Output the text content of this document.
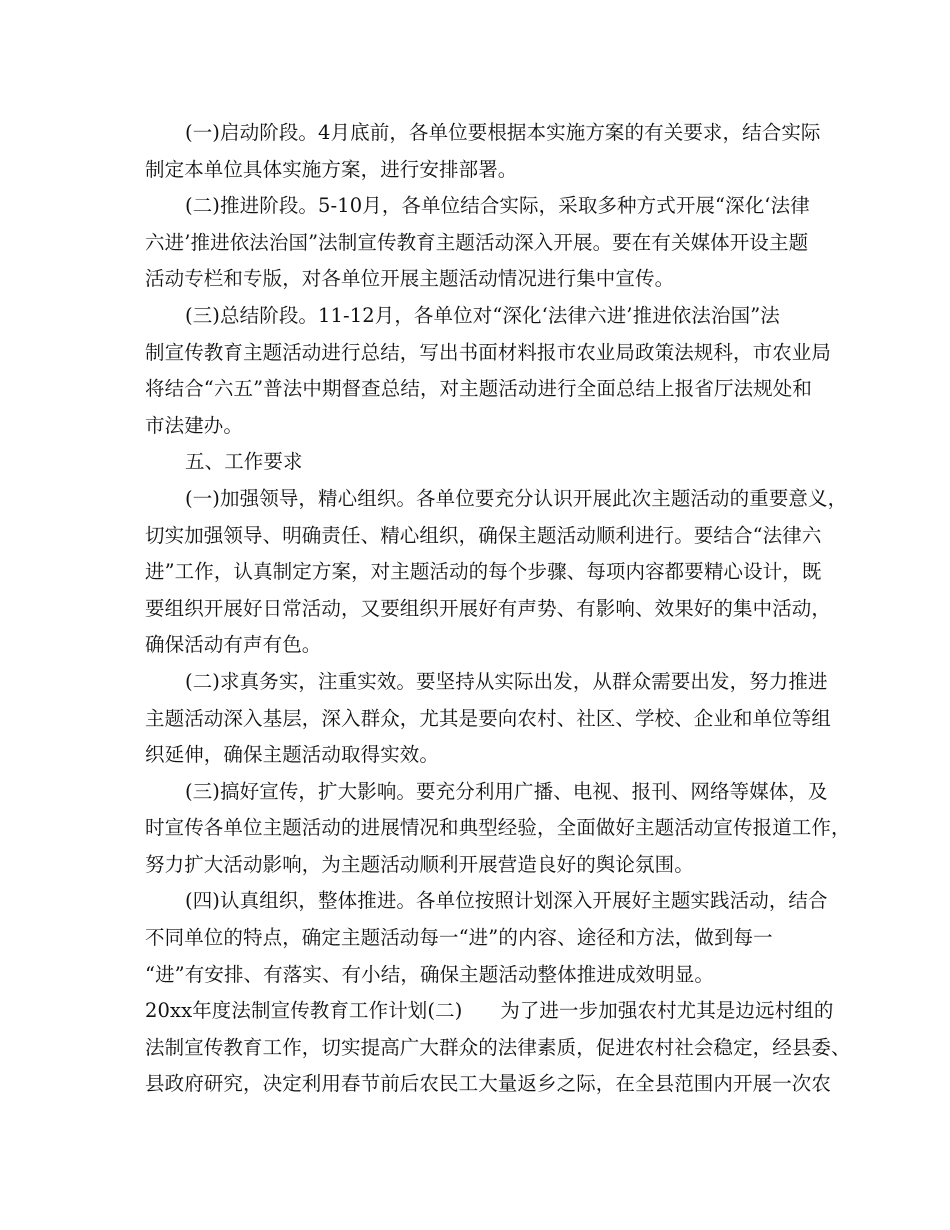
(一)启动阶段。4月底前，各单位要根据本实施方案的有关要求，结合实际
制定本单位具体实施方案，进行安排部署。
(二)推进阶段。5-10月，各单位结合实际，采取多种方式开展“深化‘法律
六进’推进依法治国”法制宣传教育主题活动深入开展。要在有关媒体开设主题
活动专栏和专版，对各单位开展主题活动情况进行集中宣传。
(三)总结阶段。11-12月，各单位对“深化‘法律六进’推进依法治国”法
制宣传教育主题活动进行总结，写出书面材料报市农业局政策法规科，市农业局
将结合“六五”普法中期督查总结，对主题活动进行全面总结上报省厅法规处和
市法建办。
五、工作要求
(一)加强领导，精心组织。各单位要充分认识开展此次主题活动的重要意义，
切实加强领导、明确责任、精心组织，确保主题活动顺利进行。要结合“法律六
进”工作，认真制定方案，对主题活动的每个步骤、每项内容都要精心设计，既
要组织开展好日常活动，又要组织开展好有声势、有影响、效果好的集中活动，
确保活动有声有色。
(二)求真务实，注重实效。要坚持从实际出发，从群众需要出发，努力推进
主题活动深入基层，深入群众，尤其是要向农村、社区、学校、企业和单位等组
织延伸，确保主题活动取得实效。
(三)搞好宣传，扩大影响。要充分利用广播、电视、报刊、网络等媒体，及
时宣传各单位主题活动的进展情况和典型经验，全面做好主题活动宣传报道工作，
努力扩大活动影响，为主题活动顺利开展营造良好的舆论氛围。
(四)认真组织，整体推进。各单位按照计划深入开展好主题实践活动，结合
不同单位的特点，确定主题活动每一“进”的内容、途径和方法，做到每一
“进”有安排、有落实、有小结，确保主题活动整体推进成效明显。
20xx年度法制宣传教育工作计划(二)      为了进一步加强农村尤其是边远村组的
法制宣传教育工作，切实提高广大群众的法律素质，促进农村社会稳定，经县委、
县政府研究，决定利用春节前后农民工大量返乡之际，在全县范围内开展一次农
